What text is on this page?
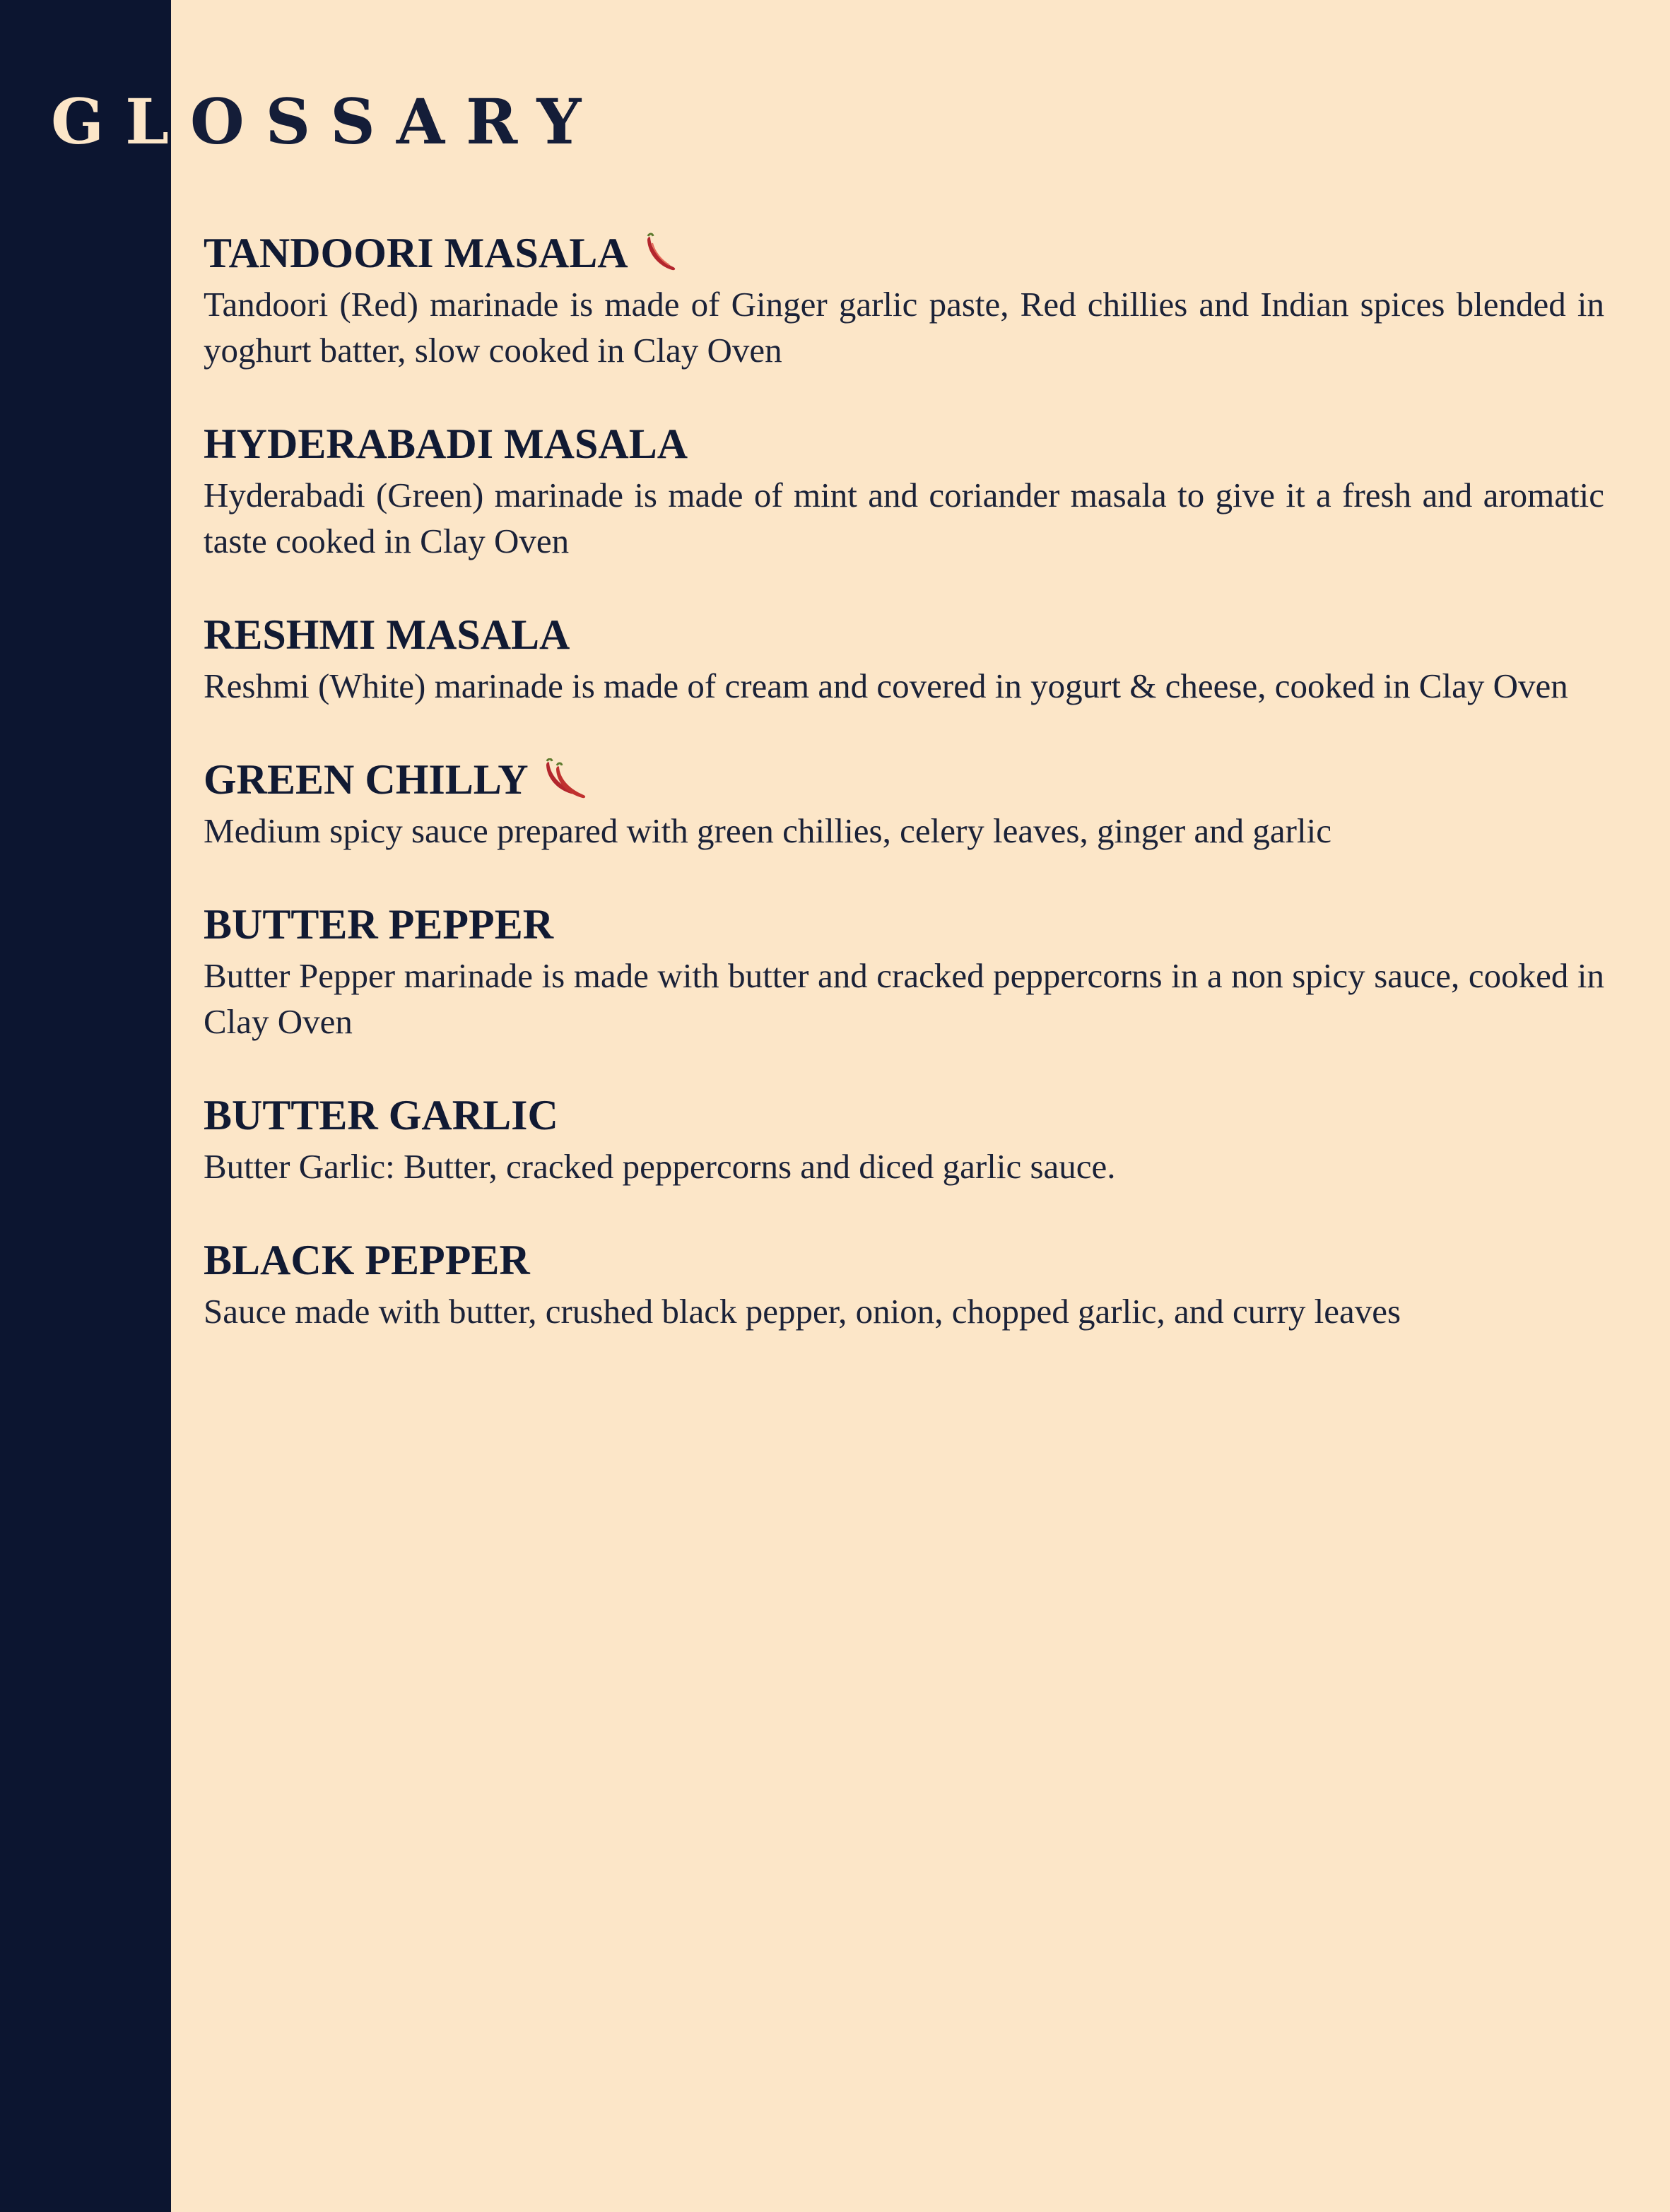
GLOSSARY
TANDOORI MASALA

Tandoori (Red) marinade is made of Ginger garlic paste, Red chillies and Indian spices blended in yoghurt batter, slow cooked in Clay Oven

HYDERABADI MASALA

Hyderabadi (Green) marinade is made of mint and coriander masala to give it a fresh and aromatic taste cooked in Clay Oven

RESHMI MASALA

Reshmi (White) marinade is made of cream and covered in yogurt & cheese, cooked in Clay Oven

GREEN CHILLY

Medium spicy sauce prepared with green chillies, celery leaves, ginger and garlic

BUTTER PEPPER

Butter Pepper marinade is made with butter and cracked peppercorns in a non spicy sauce, cooked in Clay Oven

BUTTER GARLIC

Butter Garlic: Butter, cracked peppercorns and diced garlic sauce.

BLACK PEPPER

Sauce made with butter, crushed black pepper, onion, chopped garlic, and curry leaves
